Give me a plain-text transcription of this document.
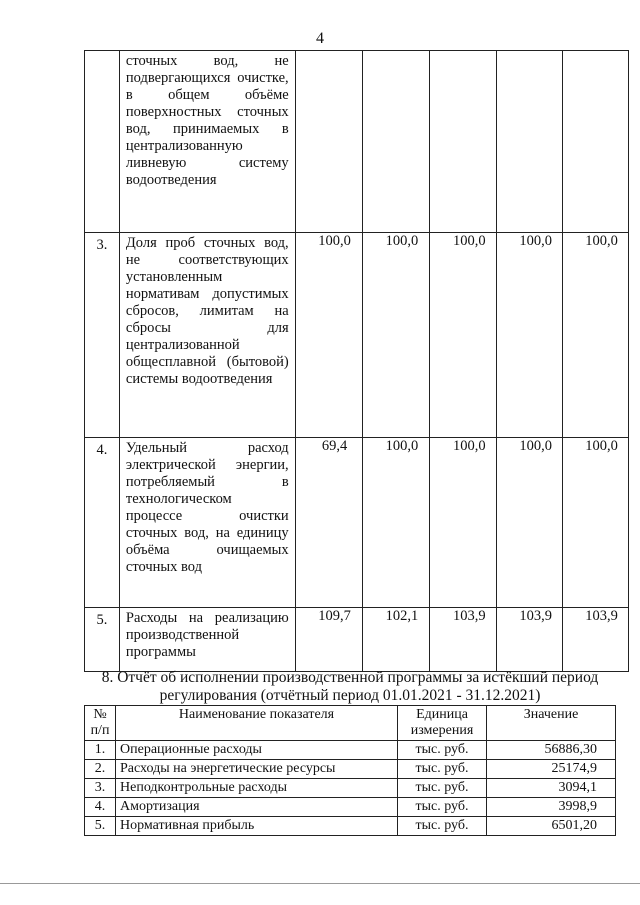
4
	сточных вод, не подвергающихся очистке, в общем объёме поверхностных сточных вод, принимаемых в централизованную ливневую систему водоотведения					
3.	Доля проб сточных вод, не соответствующих установленным нормативам допустимых сбросов, лимитам на сбросы для централизованной общесплавной (бытовой) системы водоотведения	100,0	100,0	100,0	100,0	100,0
4.	Удельный расход электрической энергии, потребляемый в технологическом процессе очистки сточных вод, на единицу объёма очищаемых сточных вод	69,4	100,0	100,0	100,0	100,0
5.	Расходы на реализацию производственной программы	109,7	102,1	103,9	103,9	103,9
8. Отчёт об исполнении производственной программы за истёкший период
регулирования (отчётный период 01.01.2021 - 31.12.2021)
№ п/п	Наименование показателя	Единица измерения	Значение
1.	Операционные расходы	тыс. руб.	56886,30
2.	Расходы на энергетические ресурсы	тыс. руб.	25174,9
3.	Неподконтрольные расходы	тыс. руб.	3094,1
4.	Амортизация	тыс. руб.	3998,9
5.	Нормативная прибыль	тыс. руб.	6501,20
